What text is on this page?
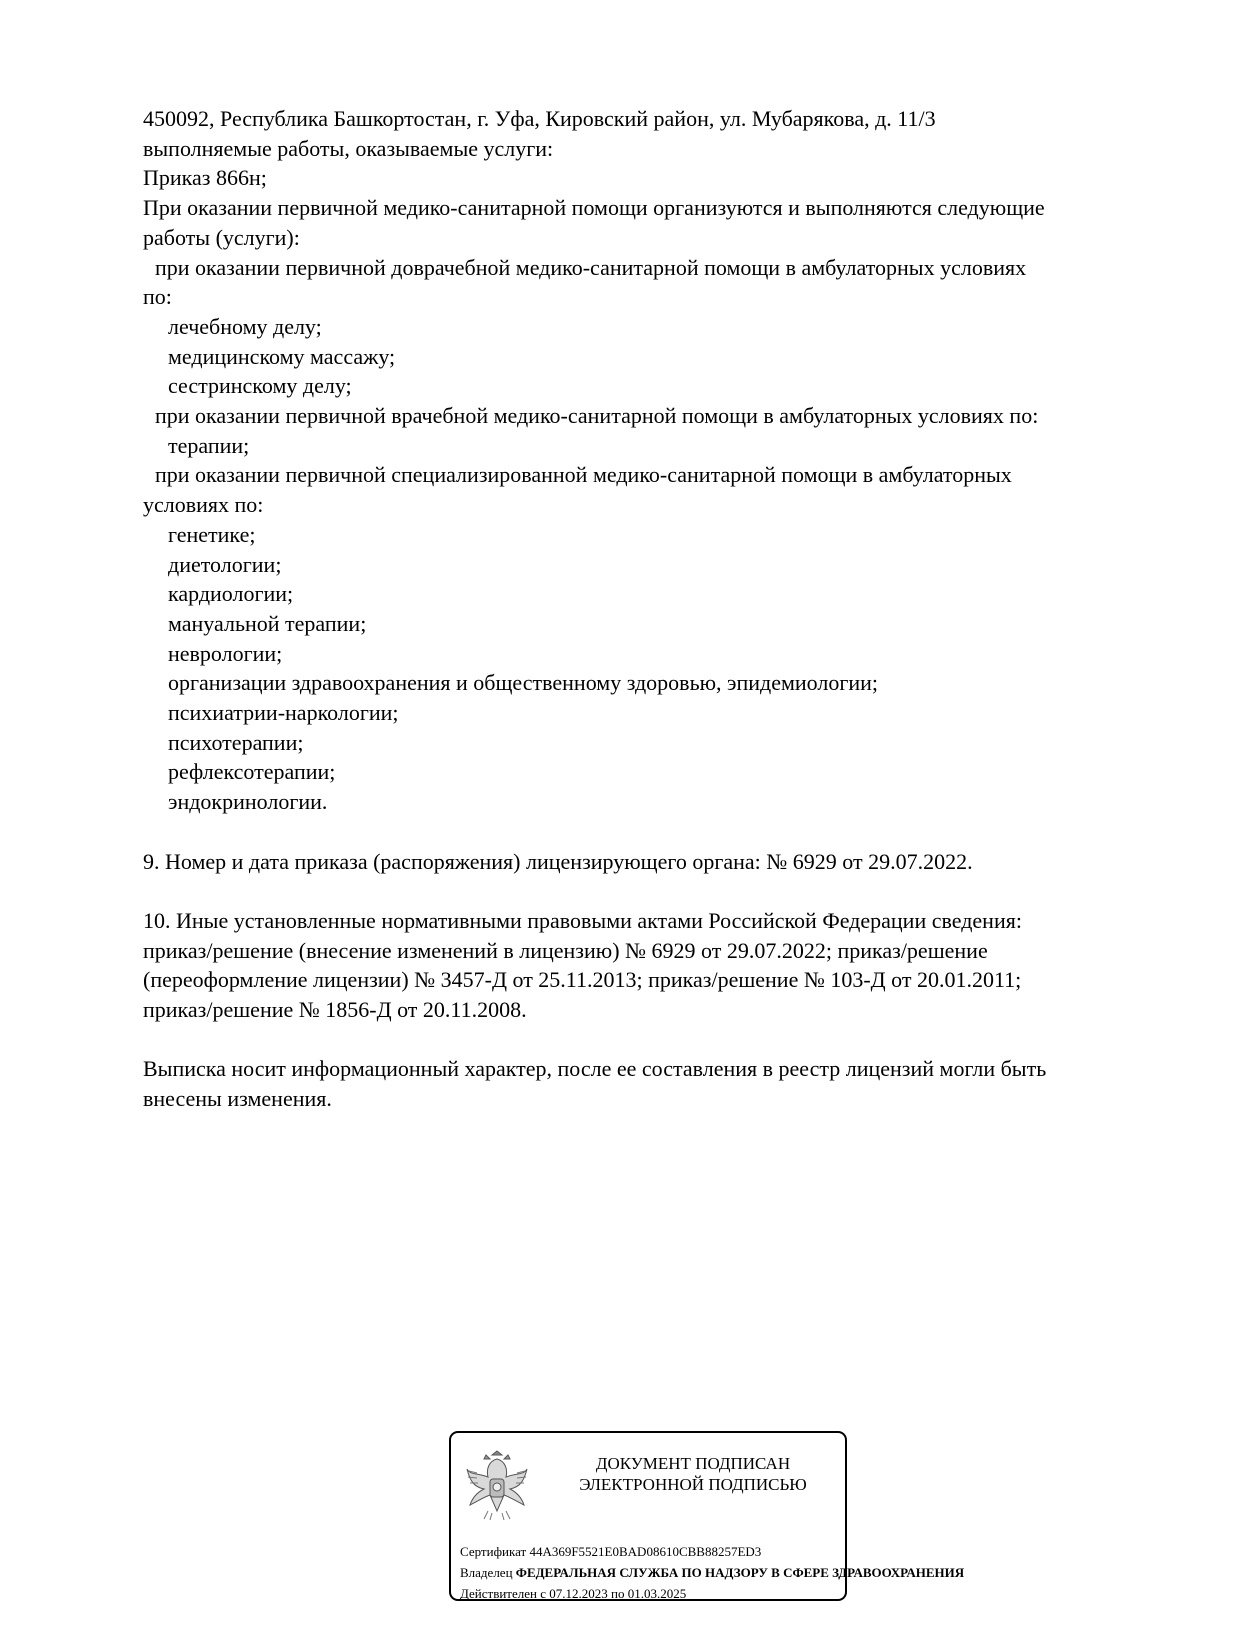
450092, Республика Башкортостан, г. Уфа, Кировский район, ул. Мубарякова, д. 11/3
выполняемые работы, оказываемые услуги:
Приказ 866н;
При оказании первичной медико-санитарной помощи организуются и выполняются следующие
работы (услуги):
при оказании первичной доврачебной медико-санитарной помощи в амбулаторных условиях
по:
лечебному делу;
медицинскому массажу;
сестринскому делу;
при оказании первичной врачебной медико-санитарной помощи в амбулаторных условиях по:
терапии;
при оказании первичной специализированной медико-санитарной помощи в амбулаторных
условиях по:
генетике;
диетологии;
кардиологии;
мануальной терапии;
неврологии;
организации здравоохранения и общественному здоровью, эпидемиологии;
психиатрии-наркологии;
психотерапии;
рефлексотерапии;
эндокринологии.
9. Номер и дата приказа (распоряжения) лицензирующего органа: № 6929 от 29.07.2022.
10. Иные установленные нормативными правовыми актами Российской Федерации сведения:
приказ/решение (внесение изменений в лицензию) № 6929 от 29.07.2022; приказ/решение
(переоформление лицензии) № 3457-Д от 25.11.2013; приказ/решение № 103-Д от 20.01.2011;
приказ/решение № 1856-Д от 20.11.2008.
Выписка носит информационный характер, после ее составления в реестр лицензий могли быть
внесены изменения.
ДОКУМЕНТ ПОДПИСАН
ЭЛЕКТРОННОЙ ПОДПИСЬЮ
Сертификат 44A369F5521E0BAD08610CBB88257ED3
Владелец ФЕДЕРАЛЬНАЯ СЛУЖБА ПО НАДЗОРУ В СФЕРЕ ЗДРАВООХРАНЕНИЯ
Действителен с 07.12.2023 по 01.03.2025
